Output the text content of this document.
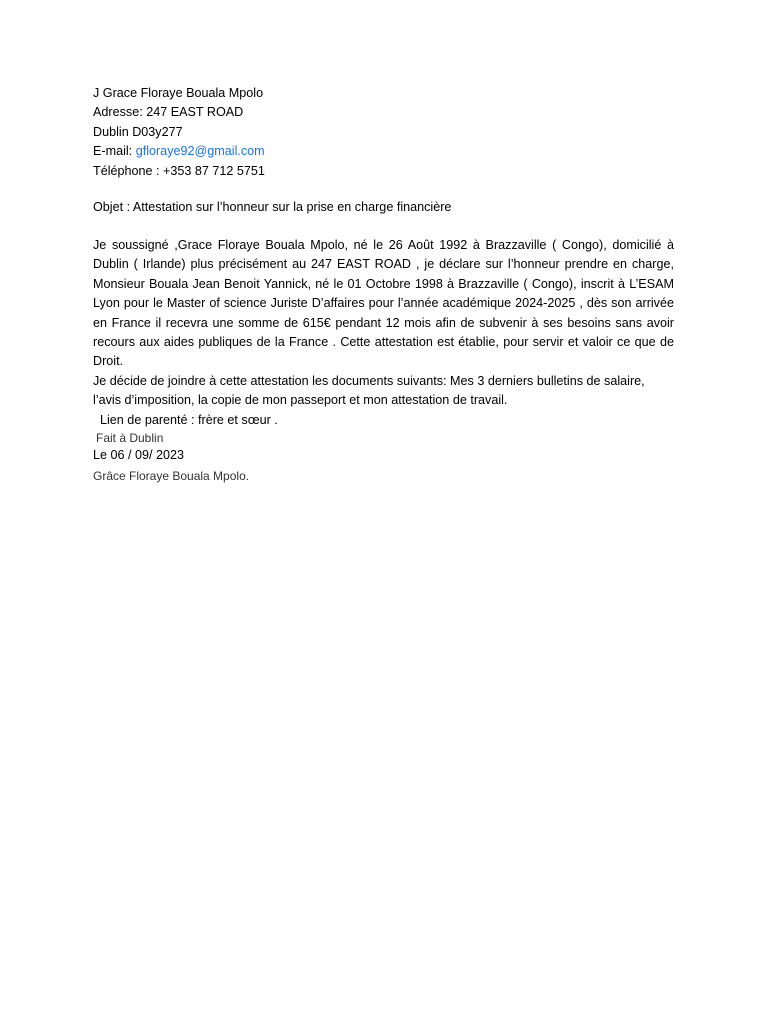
J Grace Floraye Bouala Mpolo
Adresse: 247 EAST ROAD
Dublin D03y277
E-mail: gfloraye92@gmail.com
Téléphone : +353 87 712 5751
Objet : Attestation sur l’honneur sur la prise en charge financière

Je soussigné ,Grace Floraye Bouala Mpolo, né le 26 Août 1992 à Brazzaville ( Congo), domicilié à Dublin ( Irlande) plus précisément au 247 EAST ROAD , je déclare sur l’honneur prendre en charge, Monsieur Bouala Jean Benoit Yannick, né le 01 Octobre 1998 à Brazzaville ( Congo), inscrit à L’ESAM Lyon pour le Master of science Juriste D’affaires pour l’année académique 2024-2025 , dès son arrivée en France il recevra une somme de 615€ pendant 12 mois afin de subvenir à ses besoins sans avoir recours aux aides publiques de la France . Cette attestation est établie, pour servir et valoir ce que de Droit.

Je décide de joindre à cette attestation les documents suivants: Mes 3 derniers bulletins de salaire,
l’avis d’imposition, la copie de mon passeport et mon attestation de travail.

Lien de parenté : frère et sœur .
Fait à Dublin
Le 06 / 09/ 2023
Grâce Floraye Bouala Mpolo.
